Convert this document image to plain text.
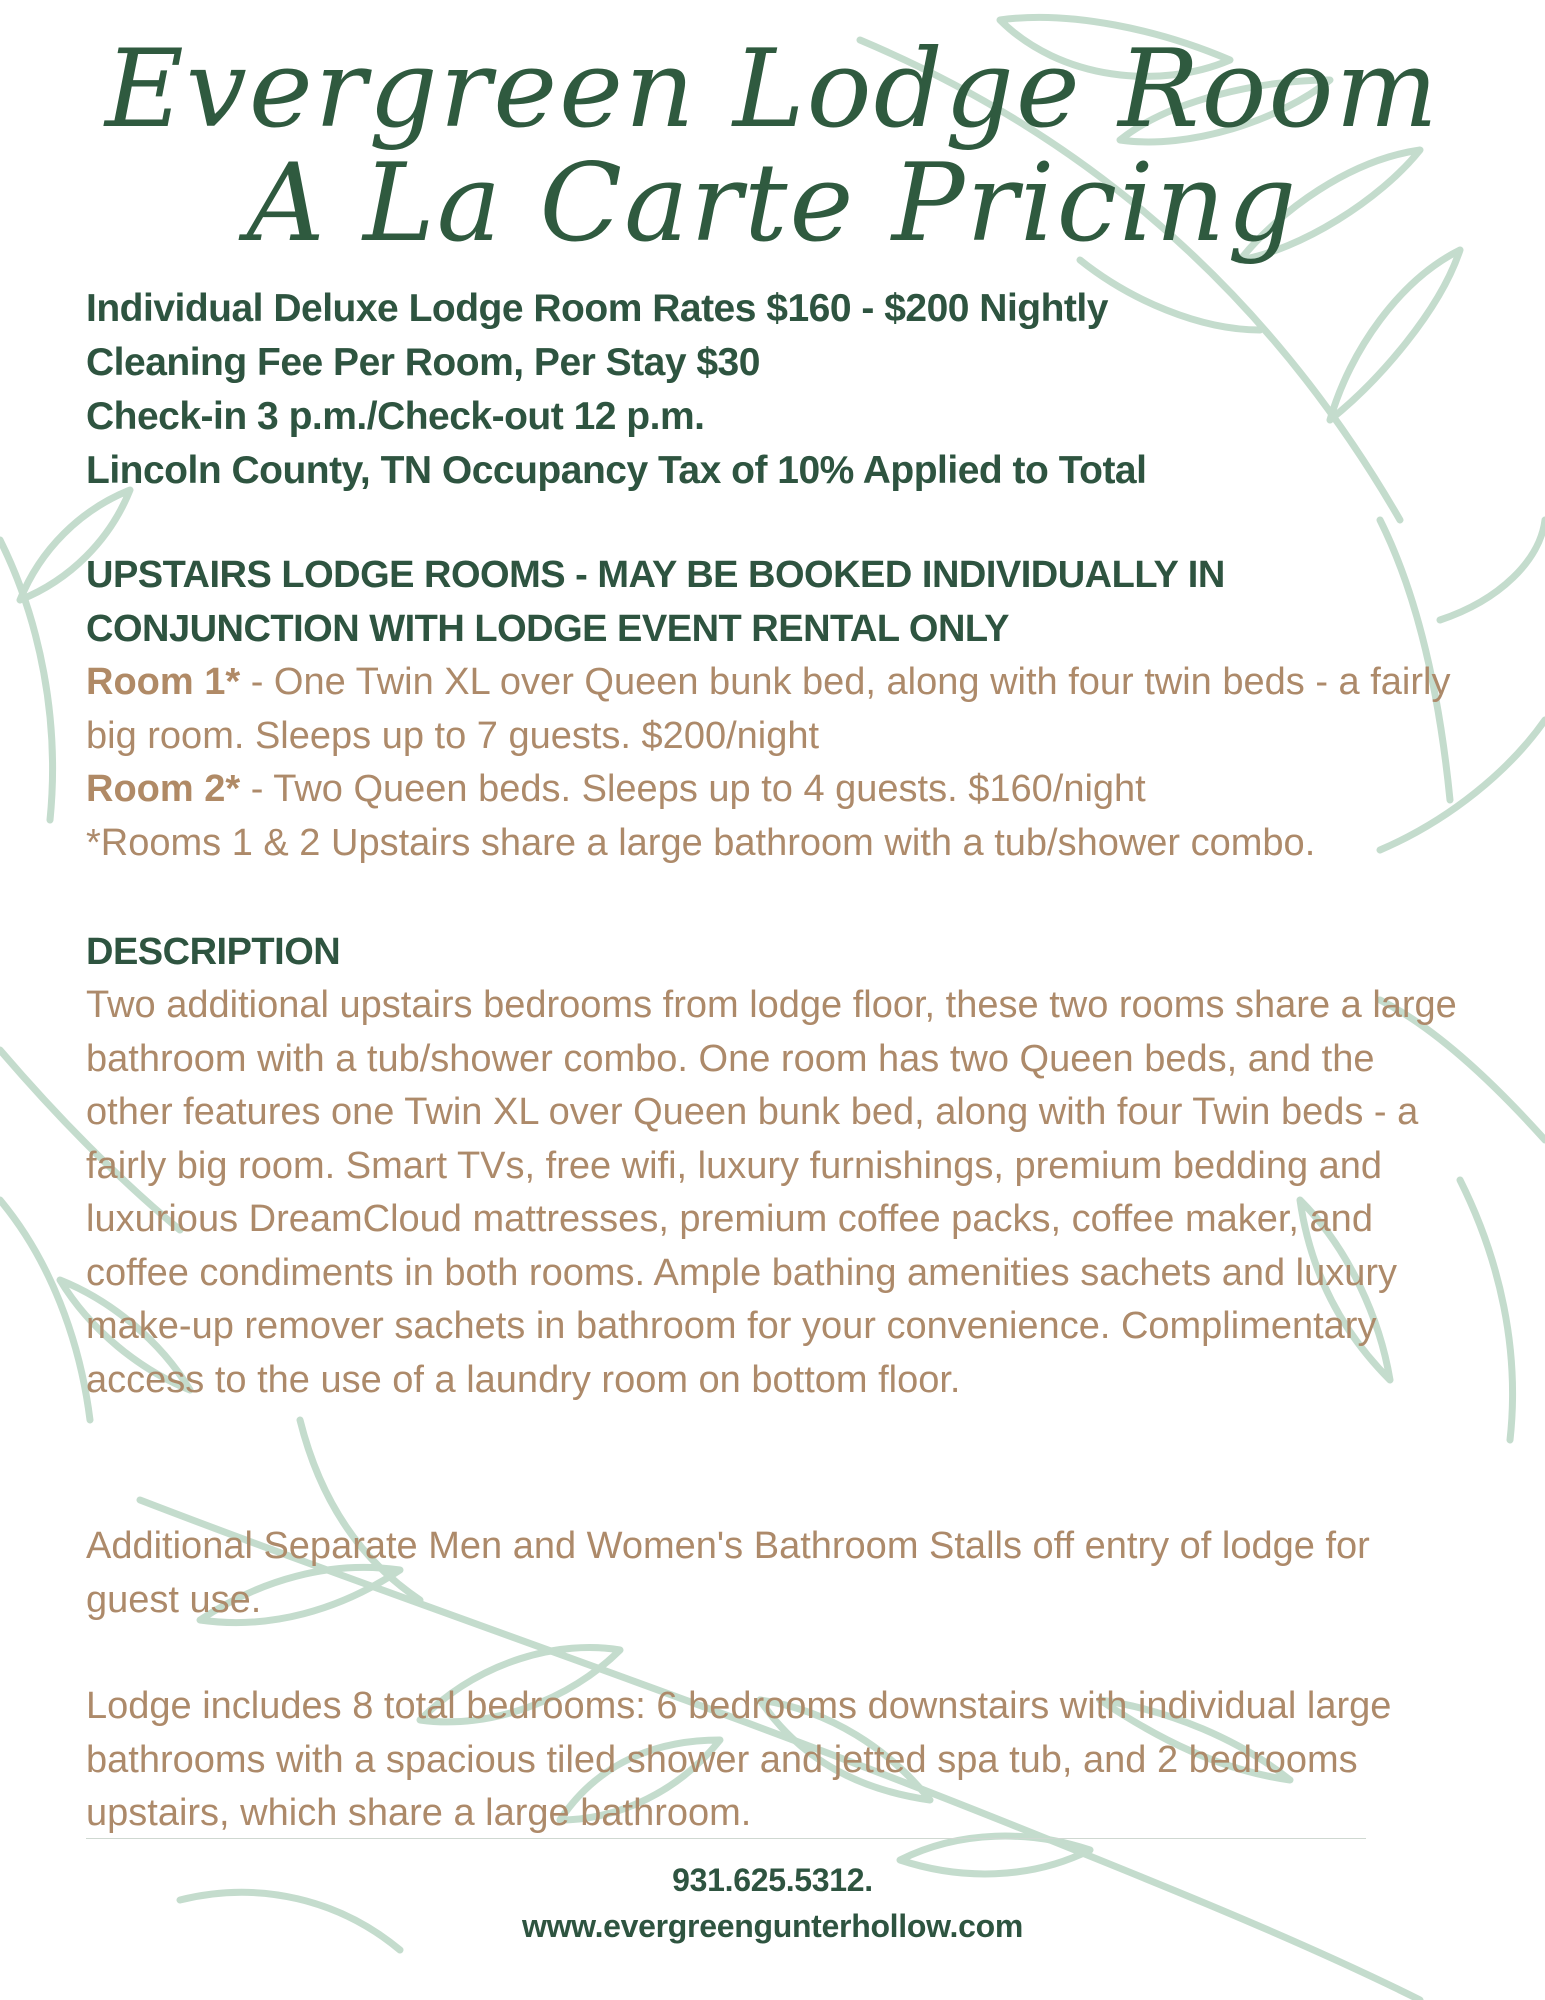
Evergreen Lodge Room
A La Carte Pricing
Individual Deluxe Lodge Room Rates $160 - $200 Nightly
Cleaning Fee Per Room, Per Stay $30
Check-in 3 p.m./Check-out 12 p.m.
Lincoln County, TN Occupancy Tax of 10% Applied to Total

UPSTAIRS LODGE ROOMS - MAY BE BOOKED INDIVIDUALLY IN CONJUNCTION WITH LODGE EVENT RENTAL ONLY

Room 1* - One Twin XL over Queen bunk bed, along with four twin beds - a fairly big room. Sleeps up to 7 guests. $200/night

Room 2* - Two Queen beds. Sleeps up to 4 guests. $160/night

*Rooms 1 & 2 Upstairs share a large bathroom with a tub/shower combo.

DESCRIPTION

Two additional upstairs bedrooms from lodge floor, these two rooms share a large bathroom with a tub/shower combo. One room has two Queen beds, and the other features one Twin XL over Queen bunk bed, along with four Twin beds - a fairly big room. Smart TVs, free wifi, luxury furnishings, premium bedding and luxurious DreamCloud mattresses, premium coffee packs, coffee maker, and coffee condiments in both rooms. Ample bathing amenities sachets and luxury make-up remover sachets in bathroom for your convenience. Complimentary access to the use of a laundry room on bottom floor.

Additional Separate Men and Women's Bathroom Stalls off entry of lodge for guest use.

Lodge includes 8 total bedrooms: 6 bedrooms downstairs with individual large bathrooms with a spacious tiled shower and jetted spa tub, and 2 bedrooms upstairs, which share a large bathroom.

931.625.5312.
www.evergreengunterhollow.com
